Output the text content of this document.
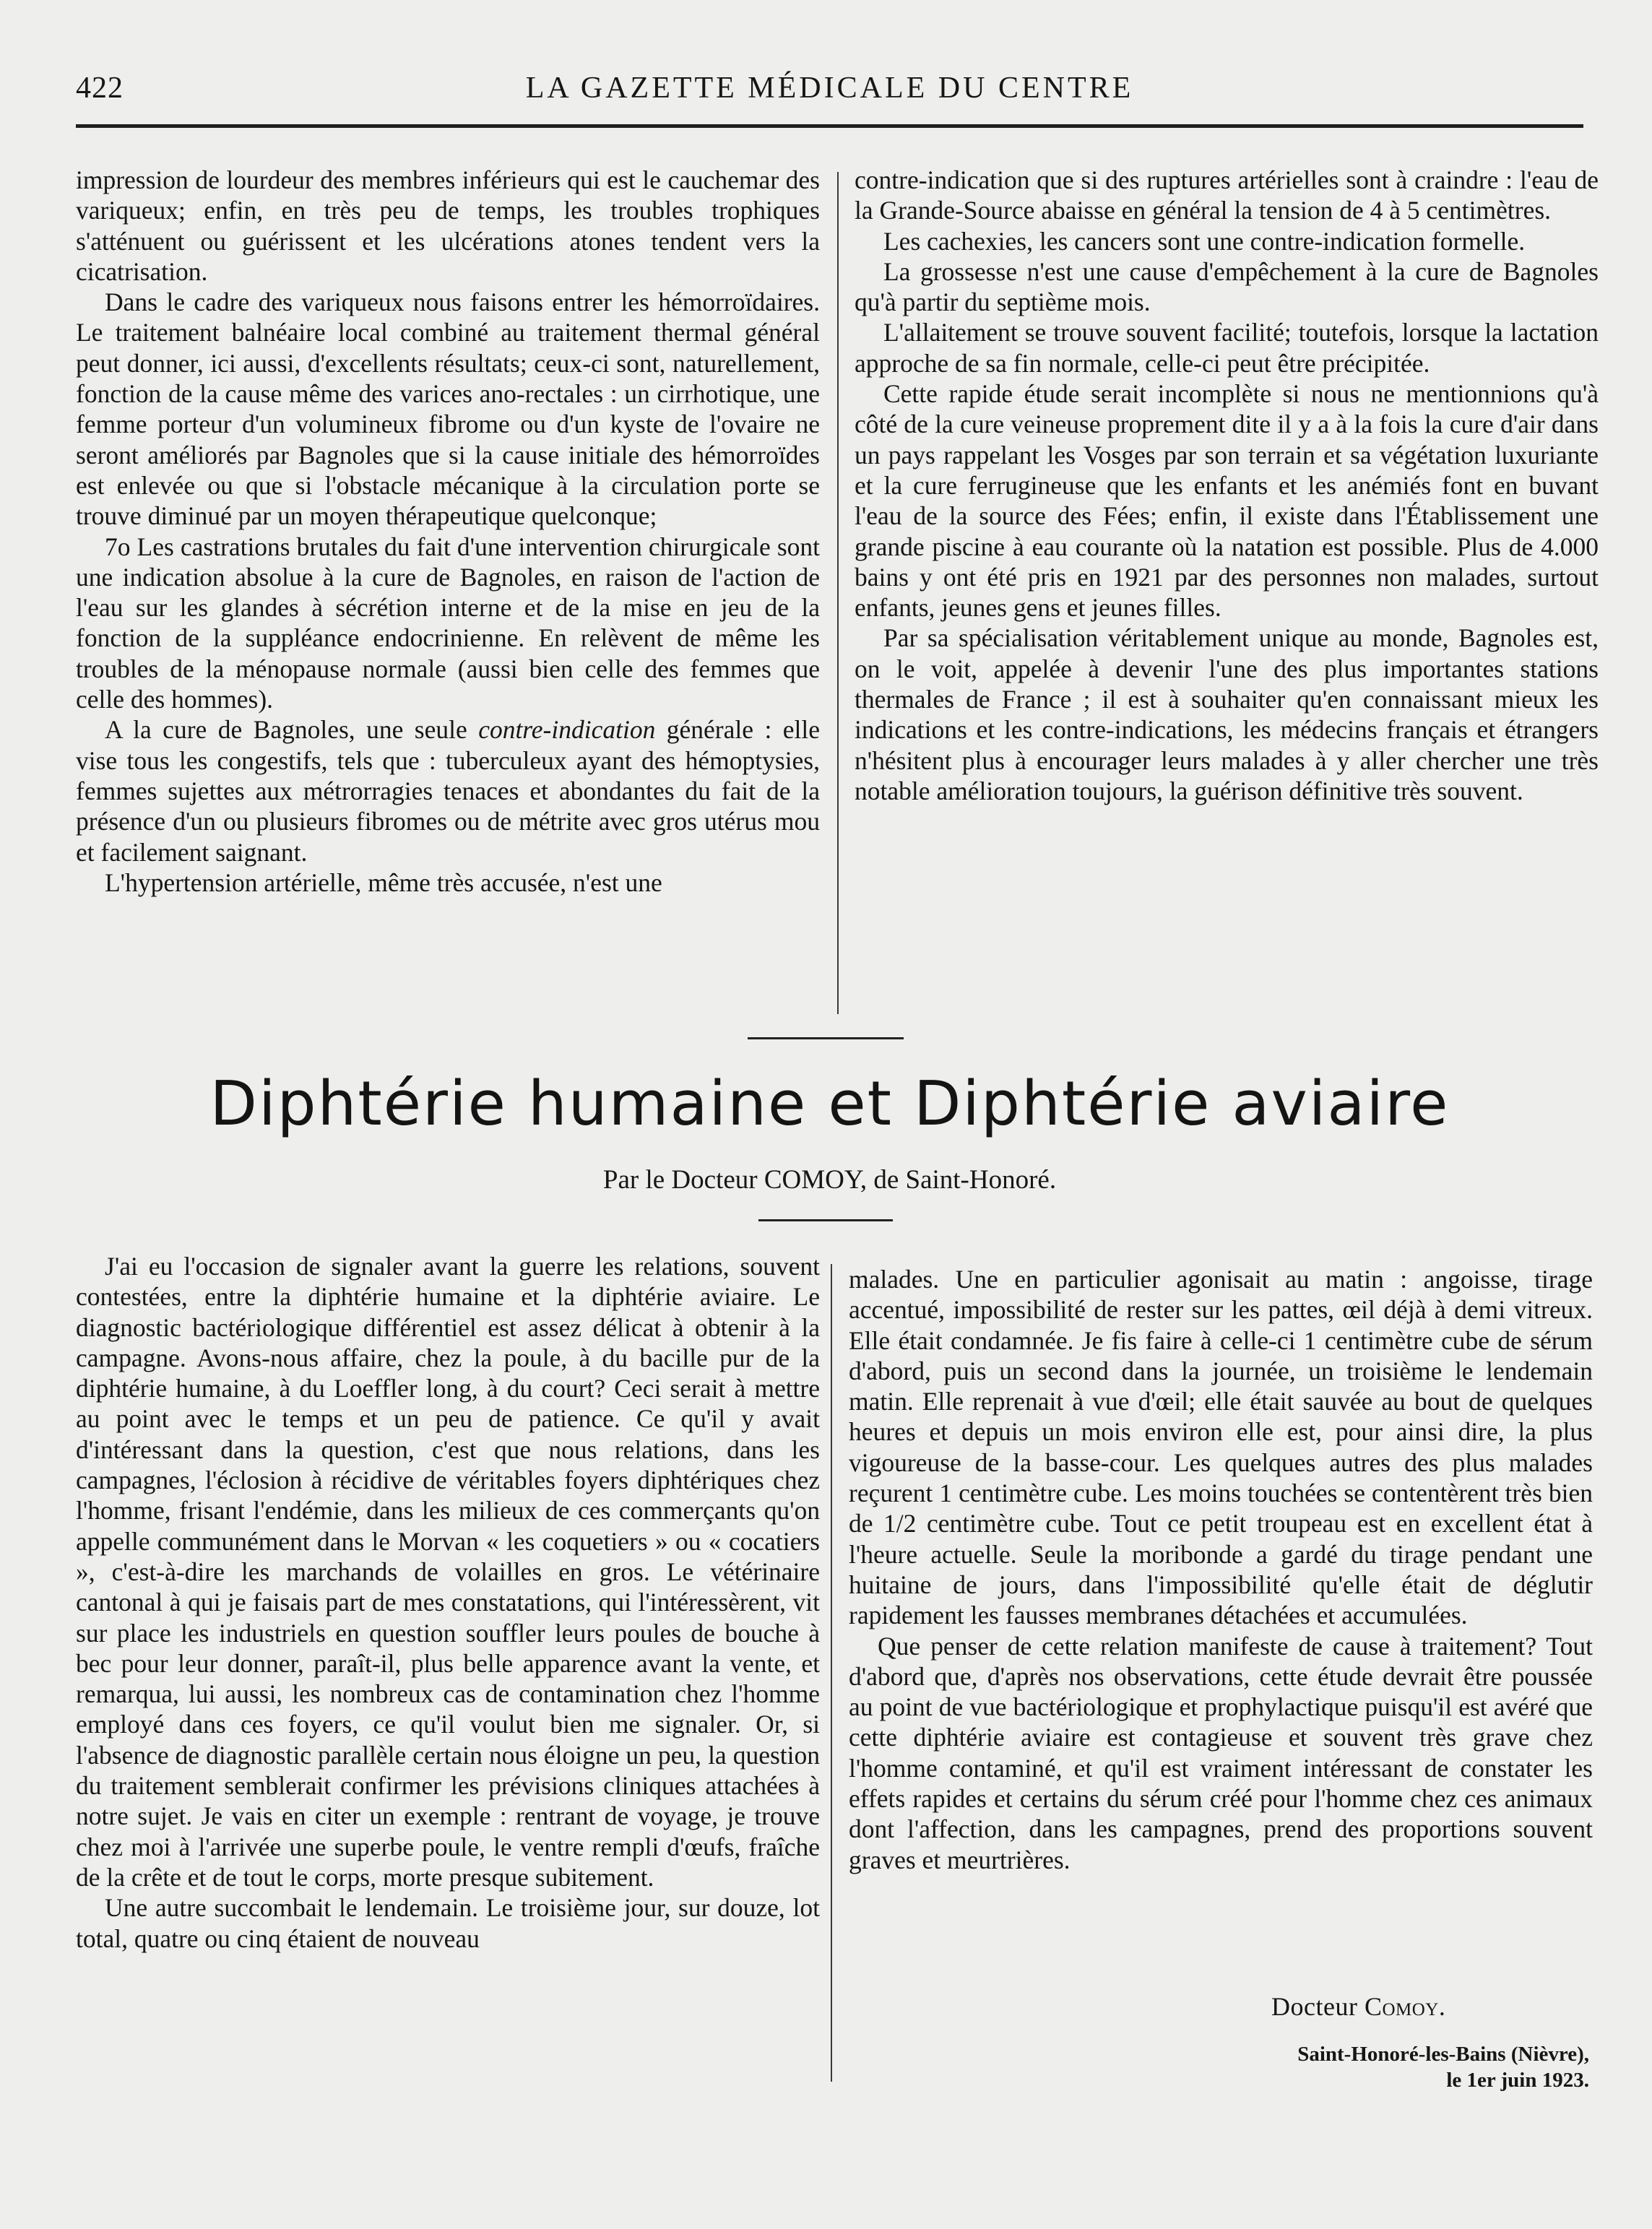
422	LA GAZETTE MÉDICALE DU CENTRE

impression de lourdeur des membres inférieurs qui est le cauchemar des variqueux; enfin, en très peu de temps, les troubles trophiques s'atténuent ou guérissent et les ulcérations atones tendent vers la cicatrisation.

Dans le cadre des variqueux nous faisons entrer les hémorroïdaires. Le traitement balnéaire local combiné au traitement thermal général peut donner, ici aussi, d'excellents résultats; ceux-ci sont, naturellement, fonction de la cause même des varices ano-rectales : un cirrhotique, une femme porteur d'un volumineux fibrome ou d'un kyste de l'ovaire ne seront améliorés par Bagnoles que si la cause initiale des hémorroïdes est enlevée ou que si l'obstacle mécanique à la circulation porte se trouve diminué par un moyen thérapeutique quelconque;

7o Les castrations brutales du fait d'une intervention chirurgicale sont une indication absolue à la cure de Bagnoles, en raison de l'action de l'eau sur les glandes à sécrétion interne et de la mise en jeu de la fonction de la suppléance endocrinienne. En relèvent de même les troubles de la ménopause normale (aussi bien celle des femmes que celle des hommes).

A la cure de Bagnoles, une seule contre-indication générale : elle vise tous les congestifs, tels que : tuberculeux ayant des hémoptysies, femmes sujettes aux métrorragies tenaces et abondantes du fait de la présence d'un ou plusieurs fibromes ou de métrite avec gros utérus mou et facilement saignant.

L'hypertension artérielle, même très accusée, n'est une

contre-indication que si des ruptures artérielles sont à craindre : l'eau de la Grande-Source abaisse en général la tension de 4 à 5 centimètres.

Les cachexies, les cancers sont une contre-indication formelle.

La grossesse n'est une cause d'empêchement à la cure de Bagnoles qu'à partir du septième mois.

L'allaitement se trouve souvent facilité; toutefois, lorsque la lactation approche de sa fin normale, celle-ci peut être précipitée.

Cette rapide étude serait incomplète si nous ne mentionnions qu'à côté de la cure veineuse proprement dite il y a à la fois la cure d'air dans un pays rappelant les Vosges par son terrain et sa végétation luxuriante et la cure ferrugineuse que les enfants et les anémiés font en buvant l'eau de la source des Fées; enfin, il existe dans l'Établissement une grande piscine à eau courante où la natation est possible. Plus de 4.000 bains y ont été pris en 1921 par des personnes non malades, surtout enfants, jeunes gens et jeunes filles.

Par sa spécialisation véritablement unique au monde, Bagnoles est, on le voit, appelée à devenir l'une des plus importantes stations thermales de France ; il est à souhaiter qu'en connaissant mieux les indications et les contre-indications, les médecins français et étrangers n'hésitent plus à encourager leurs malades à y aller chercher une très notable amélioration toujours, la guérison définitive très souvent.

Diphtérie humaine et Diphtérie aviaire
Par le Docteur COMOY, de Saint-Honoré.

J'ai eu l'occasion de signaler avant la guerre les relations, souvent contestées, entre la diphtérie humaine et la diphtérie aviaire. Le diagnostic bactériologique différentiel est assez délicat à obtenir à la campagne. Avons-nous affaire, chez la poule, à du bacille pur de la diphtérie humaine, à du Loeffler long, à du court? Ceci serait à mettre au point avec le temps et un peu de patience. Ce qu'il y avait d'intéressant dans la question, c'est que nous relations, dans les campagnes, l'éclosion à récidive de véritables foyers diphtériques chez l'homme, frisant l'endémie, dans les milieux de ces commerçants qu'on appelle communément dans le Morvan « les coquetiers » ou « cocatiers », c'est-à-dire les marchands de volailles en gros. Le vétérinaire cantonal à qui je faisais part de mes constatations, qui l'intéressèrent, vit sur place les industriels en question souffler leurs poules de bouche à bec pour leur donner, paraît-il, plus belle apparence avant la vente, et remarqua, lui aussi, les nombreux cas de contamination chez l'homme employé dans ces foyers, ce qu'il voulut bien me signaler. Or, si l'absence de diagnostic parallèle certain nous éloigne un peu, la question du traitement semblerait confirmer les prévisions cliniques attachées à notre sujet. Je vais en citer un exemple : rentrant de voyage, je trouve chez moi à l'arrivée une superbe poule, le ventre rempli d'œufs, fraîche de la crête et de tout le corps, morte presque subitement.

Une autre succombait le lendemain. Le troisième jour, sur douze, lot total, quatre ou cinq étaient de nouveau

malades. Une en particulier agonisait au matin : angoisse, tirage accentué, impossibilité de rester sur les pattes, œil déjà à demi vitreux. Elle était condamnée. Je fis faire à celle-ci 1 centimètre cube de sérum d'abord, puis un second dans la journée, un troisième le lendemain matin. Elle reprenait à vue d'œil; elle était sauvée au bout de quelques heures et depuis un mois environ elle est, pour ainsi dire, la plus vigoureuse de la basse-cour. Les quelques autres des plus malades reçurent 1 centimètre cube. Les moins touchées se contentèrent très bien de 1/2 centimètre cube. Tout ce petit troupeau est en excellent état à l'heure actuelle. Seule la moribonde a gardé du tirage pendant une huitaine de jours, dans l'impossibilité qu'elle était de déglutir rapidement les fausses membranes détachées et accumulées.

Que penser de cette relation manifeste de cause à traitement? Tout d'abord que, d'après nos observations, cette étude devrait être poussée au point de vue bactériologique et prophylactique puisqu'il est avéré que cette diphtérie aviaire est contagieuse et souvent très grave chez l'homme contaminé, et qu'il est vraiment intéressant de constater les effets rapides et certains du sérum créé pour l'homme chez ces animaux dont l'affection, dans les campagnes, prend des proportions souvent graves et meurtrières.

Docteur Comoy.
Saint-Honoré-les-Bains (Nièvre),
le 1er juin 1923.
